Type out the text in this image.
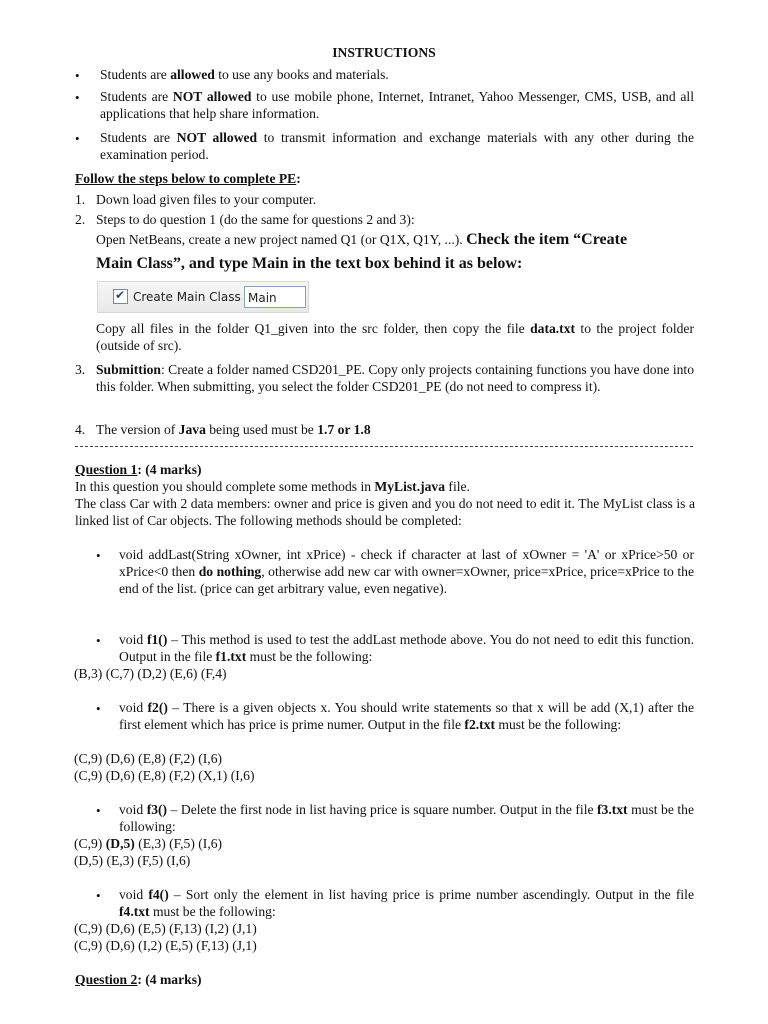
INSTRUCTIONS
•	Students are allowed to use any books and materials.
•	Students are NOT allowed to use mobile phone, Internet, Intranet, Yahoo Messenger, CMS, USB, and all applications that help share information.
•	Students are NOT allowed to transmit information and exchange materials with any other during the examination period.
Follow the steps below to complete PE:
1. Down load given files to your computer.
2. Steps to do question 1 (do the same for questions 2 and 3):
Open NetBeans, create a new project named Q1 (or Q1X, Q1Y, ...). Check the item “Create
Main Class”, and type Main in the text box behind it as below:
✔ Create Main Class Main
Copy all files in the folder Q1_given into the src folder, then copy the file data.txt to the project folder (outside of src).
3. Submittion: Create a folder named CSD201_PE. Copy only projects containing functions you have done into this folder. When submitting, you select the folder CSD201_PE (do not need to compress it).
4. The version of Java being used must be 1.7 or 1.8
Question 1: (4 marks)
In this question you should complete some methods in MyList.java file.
The class Car with 2 data members: owner and price is given and you do not need to edit it. The MyList class is a linked list of Car objects. The following methods should be completed:
•	void addLast(String xOwner, int xPrice) - check if character at last of xOwner = 'A' or xPrice>50 or xPrice<0 then do nothing, otherwise add new car with owner=xOwner, price=xPrice, price=xPrice to the end of the list. (price can get arbitrary value, even negative).
•	void f1() – This method is used to test the addLast methode above. You do not need to edit this function. Output in the file f1.txt must be the following:
(B,3) (C,7) (D,2) (E,6) (F,4)
•	void f2() – There is a given objects x. You should write statements so that x will be add (X,1) after the first element which has price is prime numer. Output in the file f2.txt must be the following:
(C,9) (D,6) (E,8) (F,2) (I,6)
(C,9) (D,6) (E,8) (F,2) (X,1) (I,6)
•	void f3() – Delete the first node in list having price is square number. Output in the file f3.txt must be the following:
(C,9) (D,5) (E,3) (F,5) (I,6)
(D,5) (E,3) (F,5) (I,6)
•	void f4() – Sort only the element in list having price is prime number ascendingly. Output in the file f4.txt must be the following:
(C,9) (D,6) (E,5) (F,13) (I,2) (J,1)
(C,9) (D,6) (I,2) (E,5) (F,13) (J,1)
Question 2: (4 marks)
